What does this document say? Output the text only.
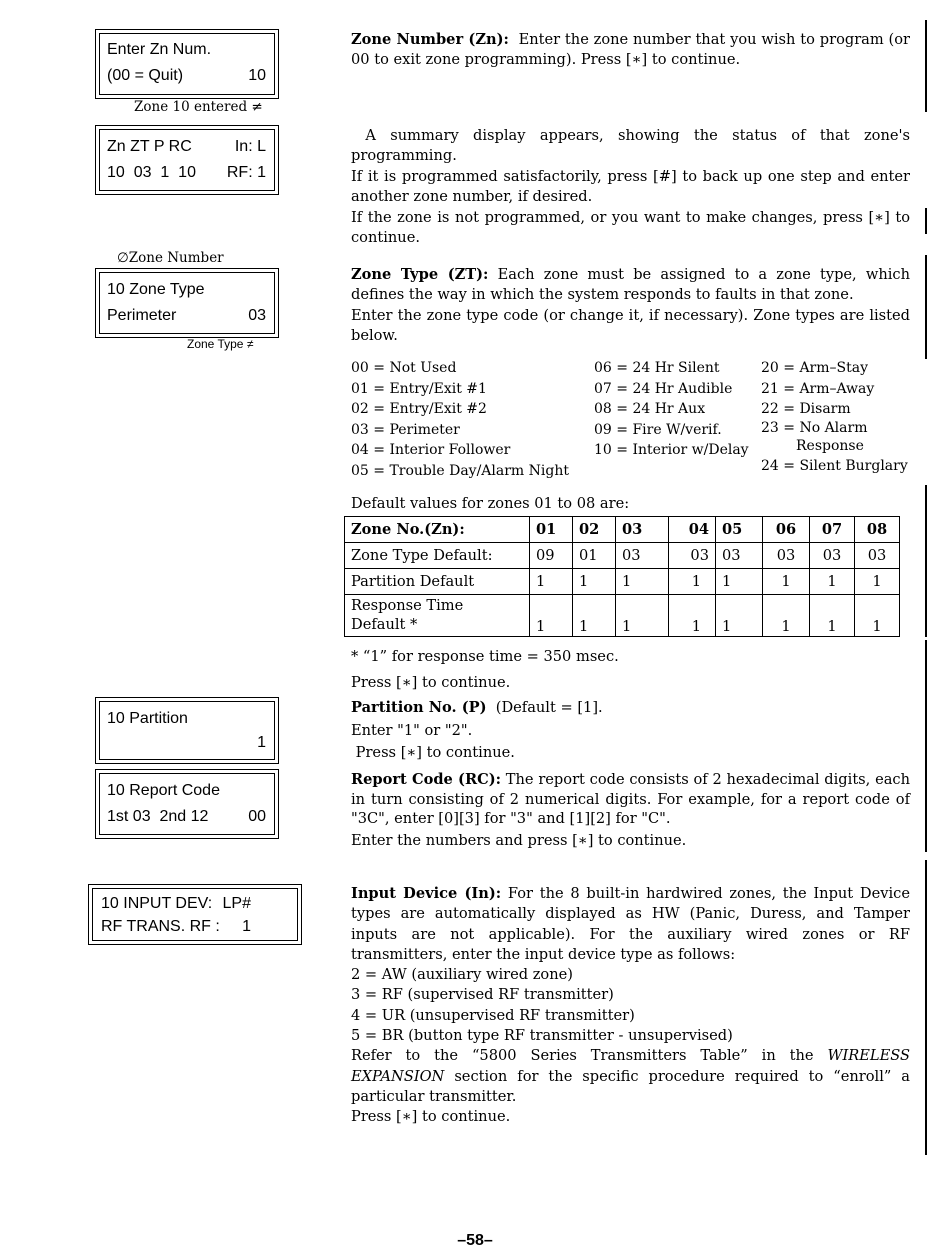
Enter Zn Num.
(00 = Quit)	10
Zone 10 entered ≠
Zn ZT P RC	In: L
10  03  1  10 RF: 1
∅Zone Number
10 Zone Type
Perimeter	03
Zone Type ≠
10 Partition
1
10 Report Code
1st 03  2nd 12 00
10 INPUT DEV: LP#
RF TRANS. RF : 1

Zone Number (Zn): Enter the zone number that you wish to program (or 00 to exit zone programming). Press [∗] to continue.

A summary display appears, showing the status of that zone's programming.

If it is programmed satisfactorily, press [#] to back up one step and enter another zone number, if desired.

If the zone is not programmed, or you want to make changes, press [∗] to continue.

Zone Type (ZT): Each zone must be assigned to a zone type, which defines the way in which the system responds to faults in that zone.

Enter the zone type code (or change it, if necessary). Zone types are listed below.

00 = Not Used
01 = Entry/Exit #1
02 = Entry/Exit #2
03 = Perimeter
04 = Interior Follower
05 = Trouble Day/Alarm Night
06 = 24 Hr Silent
07 = 24 Hr Audible
08 = 24 Hr Aux
09 = Fire W/verif.
10 = Interior w/Delay
20 = Arm–Stay
21 = Arm–Away
22 = Disarm
23 = No Alarm
Response
24 = Silent Burglary
Default values for zones 01 to 08 are:
Zone No.(Zn):	01	02	03	04	05	06	07	08
Zone Type Default:	09	01	03	03	03	03	03	03
Partition Default	1	1	1	1	1	1	1	1

Response Time
Default *	1	1	1	1	1	1	1	1

* “1” for response time = 350 msec.

Press [∗] to continue.

Partition No. (P) (Default = [1].

Enter "1" or "2".

Press [∗] to continue.

Report Code (RC): The report code consists of 2 hexadecimal digits, each in turn consisting of 2 numerical digits. For example, for a report code of "3C", enter [0][3] for "3" and [1][2] for "C".

Enter the numbers and press [∗] to continue.

Input Device (In): For the 8 built-in hardwired zones, the Input Device types are automatically displayed as HW (Panic, Duress, and Tamper inputs are not applicable). For the auxiliary wired zones or RF transmitters, enter the input device type as follows:

2 = AW (auxiliary wired zone)

3 = RF (supervised RF transmitter)

4 = UR (unsupervised RF transmitter)

5 = BR (button type RF transmitter - unsupervised)

Refer to the “5800 Series Transmitters Table” in the WIRELESS EXPANSION section for the specific procedure required to “enroll” a particular transmitter.

Press [∗] to continue.

–58–
